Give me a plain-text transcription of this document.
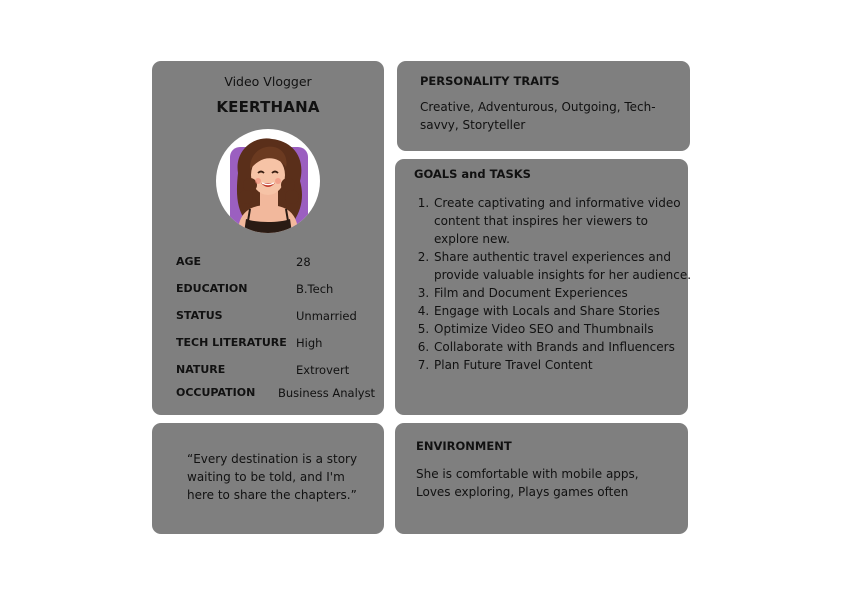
Video Vlogger
KEERTHANA
AGE	28
EDUCATION	B.Tech
STATUS	Unmarried
TECH LITERATURE High
NATURE	Extrovert
OCCUPATION Business Analyst
PERSONALITY TRAITS
Creative, Adventurous, Outgoing, Tech-savvy, Storyteller
GOALS and TASKS
1. Create captivating and informative video content that inspires her viewers to explore new.
2. Share authentic travel experiences and provide valuable insights for her audience.
3. Film and Document Experiences
4. Engage with Locals and Share Stories
5. Optimize Video SEO and Thumbnails
6. Collaborate with Brands and Influencers
7. Plan Future Travel Content
“Every destination is a story waiting to be told, and I'm here to share the chapters.”
ENVIRONMENT
She is comfortable with mobile apps, Loves exploring, Plays games often
